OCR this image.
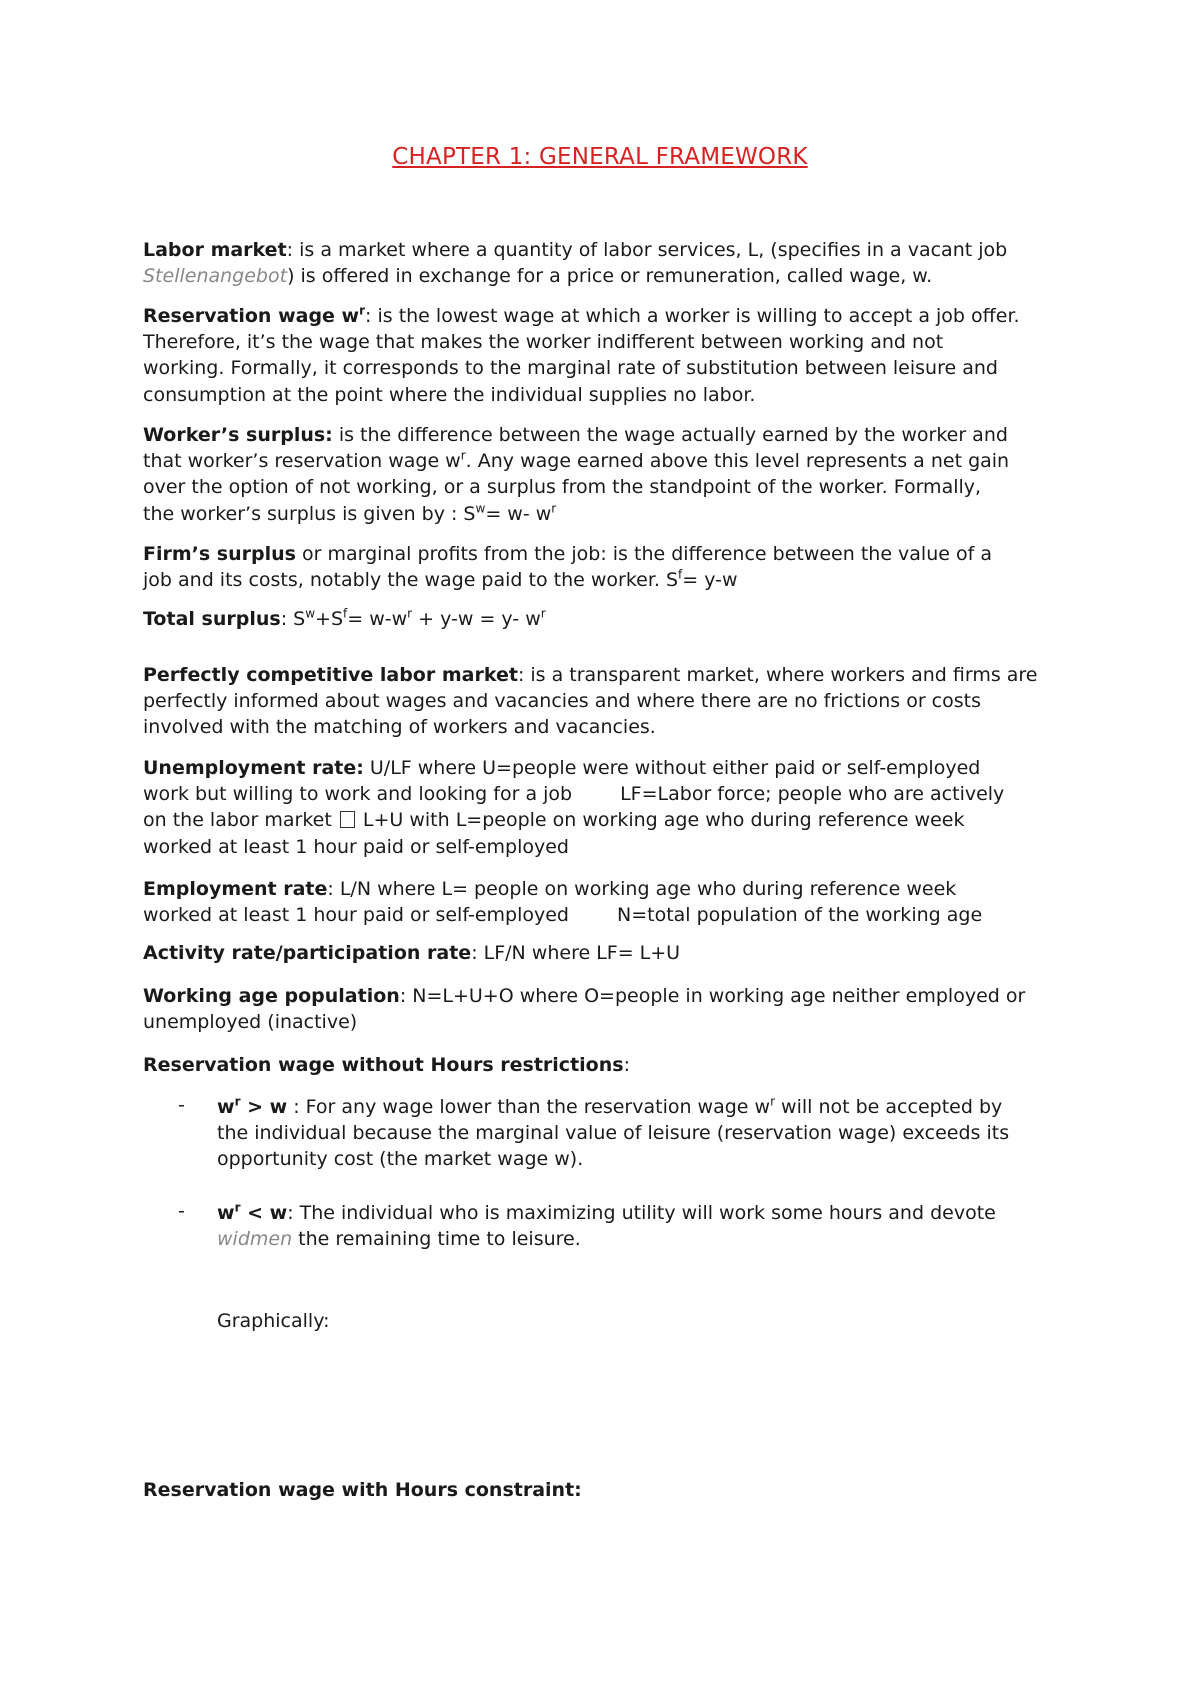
CHAPTER 1: GENERAL FRAMEWORK
Labor market: is a market where a quantity of labor services, L, (specifies in a vacant job
Stellenangebot) is offered in exchange for a price or remuneration, called wage, w.
Reservation wage $w^r$: is the lowest wage at which a worker is willing to accept a job offer.
Therefore, it’s the wage that makes the worker indifferent between working and not
working. Formally, it corresponds to the marginal rate of substitution between leisure and
consumption at the point where the individual supplies no labor.
Worker’s surplus: is the difference between the wage actually earned by the worker and
that worker’s reservation wage $w^r$. Any wage earned above this level represents a net gain
over the option of not working, or a surplus from the standpoint of the worker. Formally,
the worker’s surplus is given by : $S^w= w-$ $w^r$
Firm’s surplus or marginal profits from the job: is the difference between the value of a
job and its costs, notably the wage paid to the worker. $S^f= y-w$
Total surplus: $S^w+S^f= w-w^r + y-w = y-$ $w^r$
Perfectly competitive labor market: is a transparent market, where workers and firms are
perfectly informed about wages and vacancies and where there are no frictions or costs
involved with the matching of workers and vacancies.
Unemployment rate: U/LF where U=people were without either paid or self-employed
work but willing to work and looking for a job	LF=Labor force; people who are actively
on the labor market L+U with L=people on working age who during reference week
worked at least 1 hour paid or self-employed
Employment rate: L/N where L= people on working age who during reference week
worked at least 1 hour paid or self-employed	N=total population of the working age
Activity rate/participation rate: LF/N where LF= L+U
Working age population: N=L+U+O where O=people in working age neither employed or
unemployed (inactive)
Reservation wage without Hours restrictions:
- $w^r > w$ : For any wage lower than the reservation wage $w^r$ will not be accepted by
the individual because the marginal value of leisure (reservation wage) exceeds its
opportunity cost (the market wage w).
- $w^r < w$: The individual who is maximizing utility will work some hours and devote
widmen the remaining time to leisure.
Graphically:
Reservation wage with Hours constraint:
